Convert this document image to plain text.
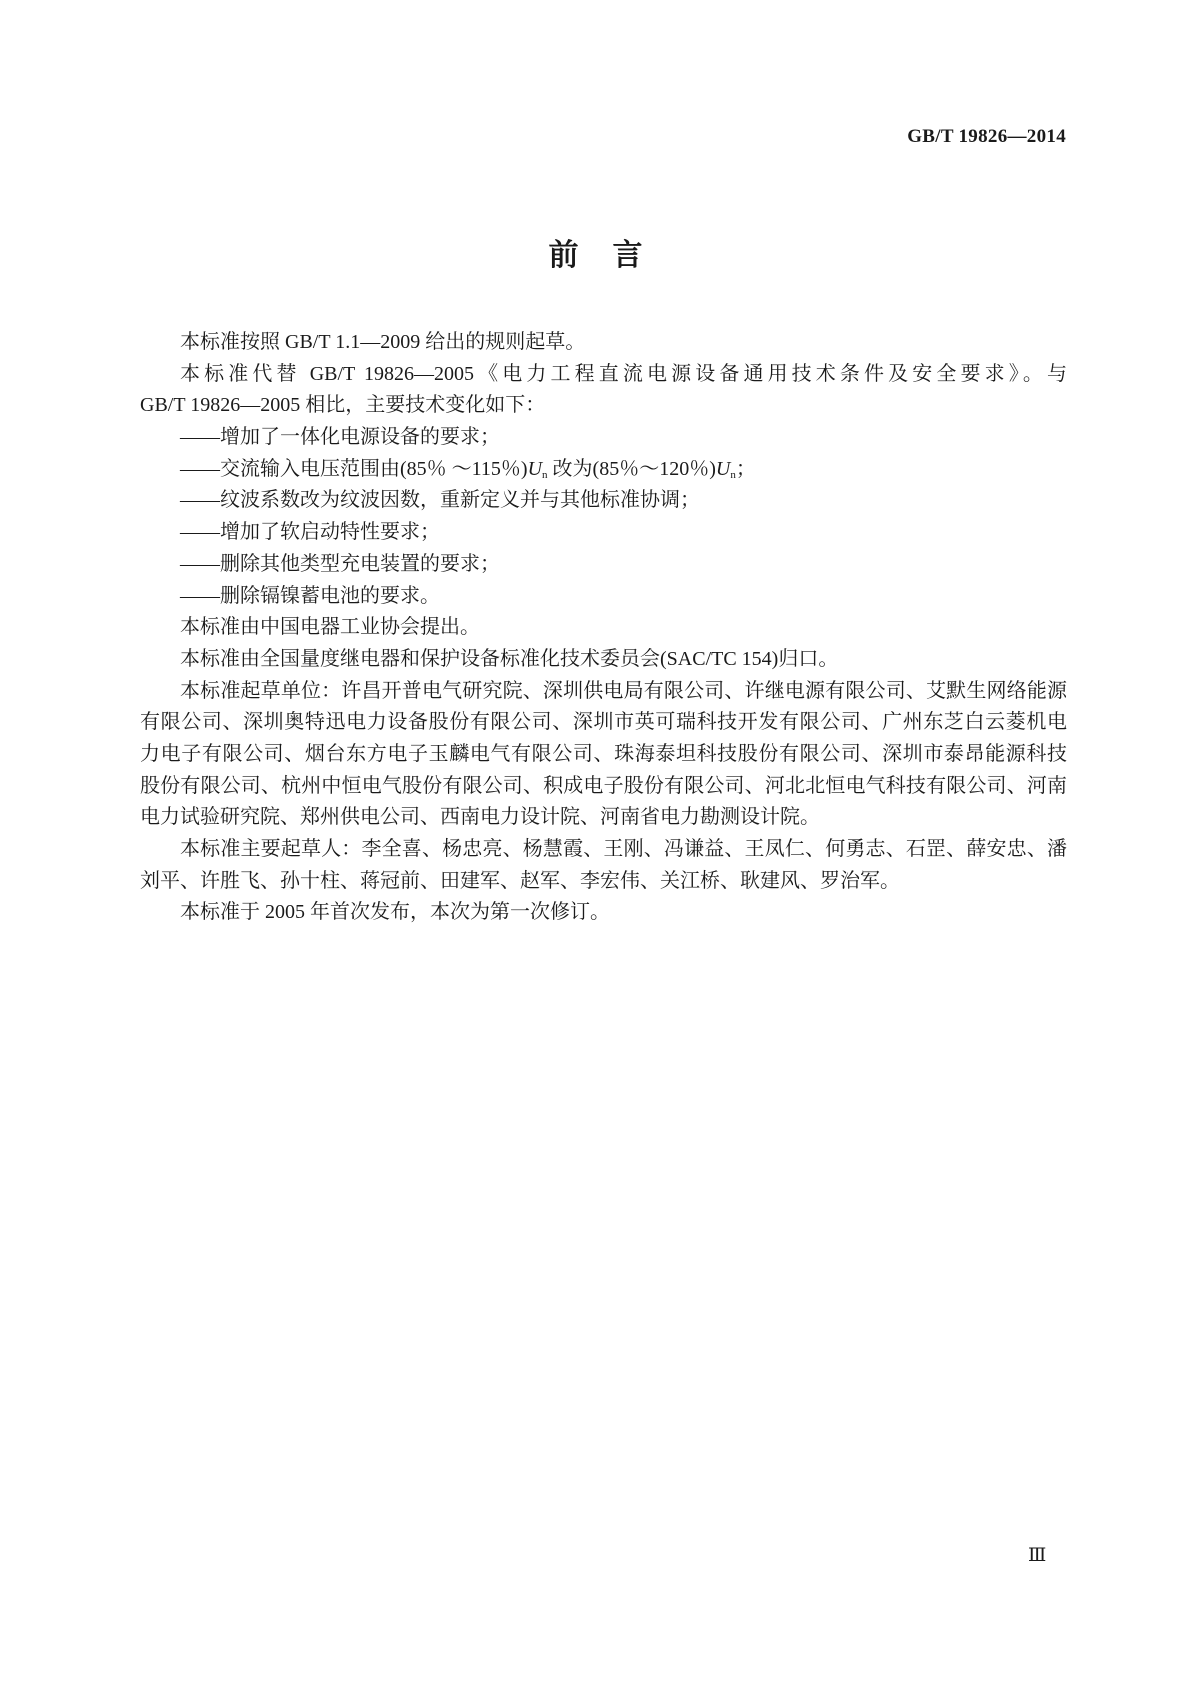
GB/T 19826—2014
前言
本标准按照 GB/T 1.1—2009 给出的规则起草。
本标准代替 GB/T 19826—2005《电力工程直流电源设备通用技术条件及安全要求》。与
GB/T 19826—2005 相比，主要技术变化如下：
——增加了一体化电源设备的要求；
——交流输入电压范围由(85％ ～115％)$U_n$ 改为(85％～120％)$U_n$；
——纹波系数改为纹波因数，重新定义并与其他标准协调；
——增加了软启动特性要求；
——删除其他类型充电装置的要求；
——删除镉镍蓄电池的要求。
本标准由中国电器工业协会提出。
本标准由全国量度继电器和保护设备标准化技术委员会(SAC/TC 154)归口。
本标准起草单位：许昌开普电气研究院、深圳供电局有限公司、许继电源有限公司、艾默生网络能源
有限公司、深圳奥特迅电力设备股份有限公司、深圳市英可瑞科技开发有限公司、广州东芝白云菱机电
力电子有限公司、烟台东方电子玉麟电气有限公司、珠海泰坦科技股份有限公司、深圳市泰昂能源科技
股份有限公司、杭州中恒电气股份有限公司、积成电子股份有限公司、河北北恒电气科技有限公司、河南
电力试验研究院、郑州供电公司、西南电力设计院、河南省电力勘测设计院。
本标准主要起草人：李全喜、杨忠亮、杨慧霞、王刚、冯谦益、王凤仁、何勇志、石罡、薛安忠、潘
刘平、许胜飞、孙十柱、蒋冠前、田建军、赵军、李宏伟、关江桥、耿建风、罗治军。
本标准于 2005 年首次发布，本次为第一次修订。
Ⅲ
